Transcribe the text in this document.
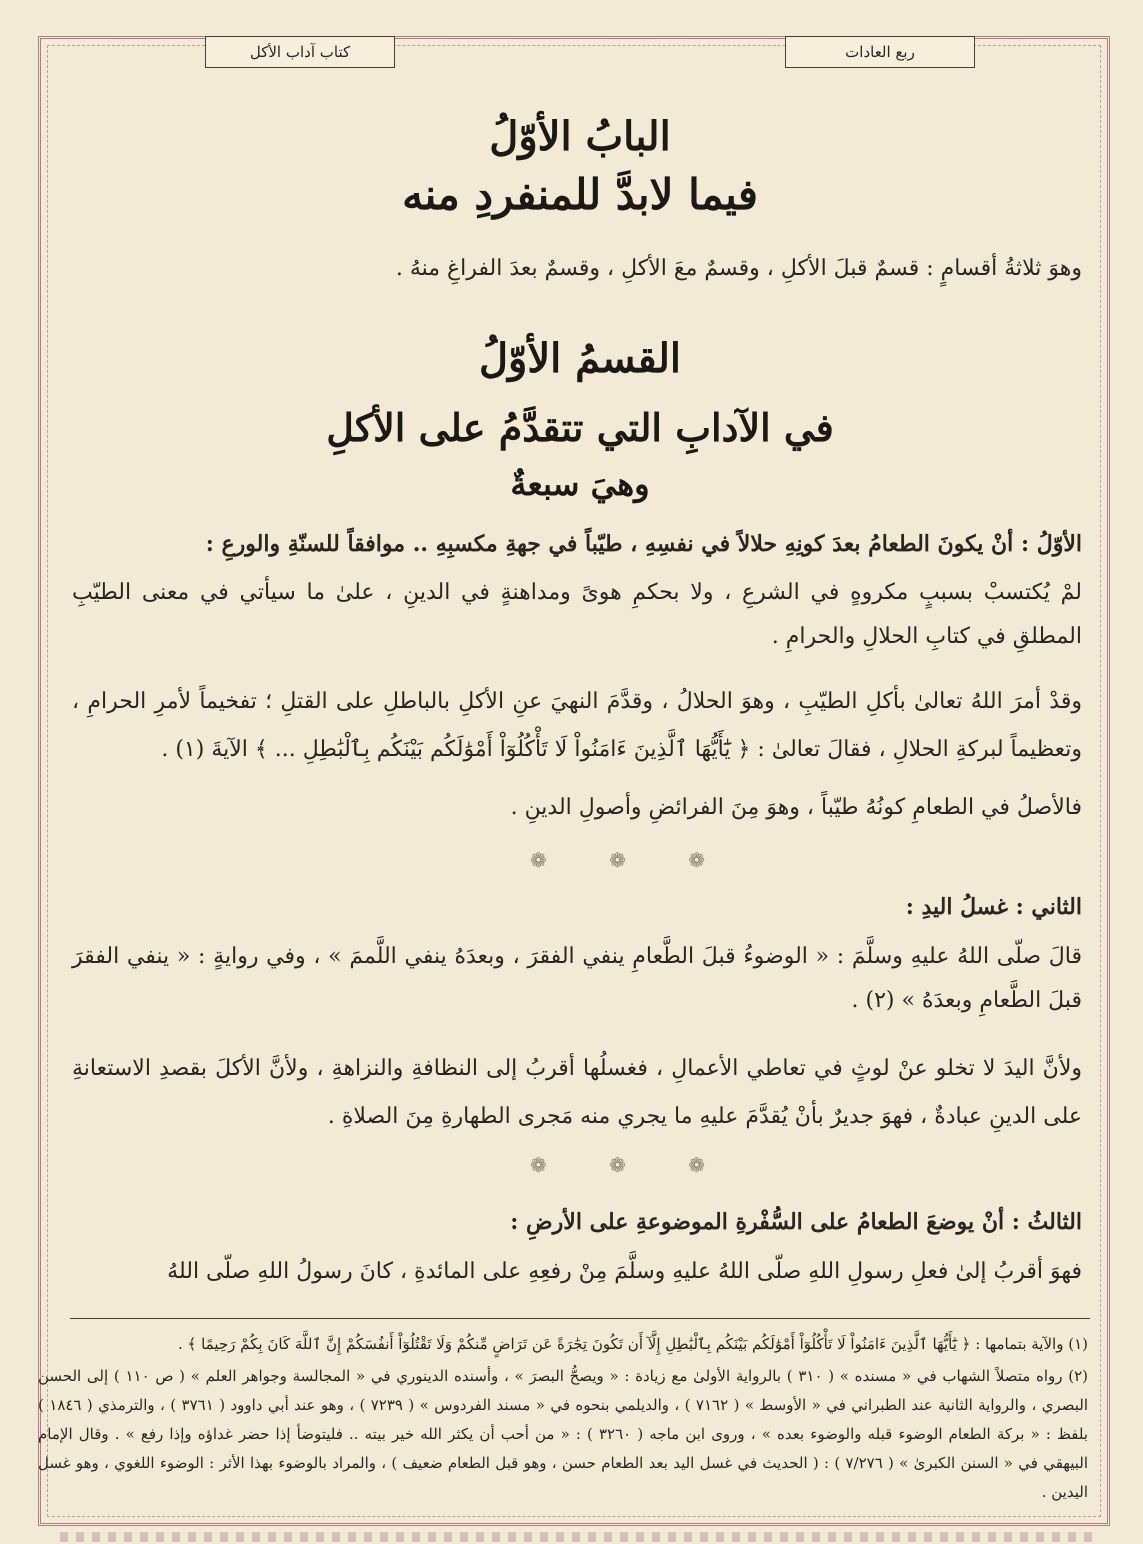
ربع العادات
كتاب آداب الأكل
البابُ الأوّلُ
فيما لابدَّ للمنفردِ منه
وهوَ ثلاثةُ أقسامٍ : قسمٌ قبلَ الأكلِ ، وقسمٌ معَ الأكلِ ، وقسمٌ بعدَ الفراغِ منهُ .
القسمُ الأوّلُ
في الآدابِ التي تتقدَّمُ على الأكلِ
وهيَ سبعةٌ
الأوّلُ : أنْ يكونَ الطعامُ بعدَ كونِهِ حلالاً في نفسِهِ ، طيّباً في جهةِ مكسبِهِ .. موافقاً للسنّةِ والورعِ :
لمْ يُكتسبْ بسببٍ مكروهٍ في الشرعِ ، ولا بحكمِ هوىً ومداهنةٍ في الدينِ ، علىٰ ما سيأتي في معنى الطيّبِ المطلقِ في كتابِ الحلالِ والحرامِ .
وقدْ أمرَ اللهُ تعالىٰ بأكلِ الطيّبِ ، وهوَ الحلالُ ، وقدَّمَ النهيَ عنِ الأكلِ بالباطلِ على القتلِ ؛ تفخيماً لأمرِ الحرامِ ، وتعظيماً لبركةِ الحلالِ ، فقالَ تعالىٰ : ﴿ يَٰٓأَيُّهَا ٱلَّذِينَ ءَامَنُواْ لَا تَأْكُلُوٓاْ أَمْوَٰلَكُم بَيْنَكُم بِٱلْبَٰطِلِ ... ﴾ الآيةَ (١) .
فالأصلُ في الطعامِ كونُهُ طيّباً ، وهوَ مِنَ الفرائضِ وأصولِ الدينِ .
❁ ❁ ❁
الثاني : غسلُ اليدِ :
قالَ صلّى اللهُ عليهِ وسلَّمَ : « الوضوءُ قبلَ الطَّعامِ ينفي الفقرَ ، وبعدَهُ ينفي اللَّممَ » ، وفي روايةٍ : « ينفي الفقرَ قبلَ الطَّعامِ وبعدَهُ » (٢) .
ولأنَّ اليدَ لا تخلو عنْ لوثٍ في تعاطي الأعمالِ ، فغسلُها أقربُ إلى النظافةِ والنزاهةِ ، ولأنَّ الأكلَ بقصدِ الاستعانةِ على الدينِ عبادةٌ ، فهوَ جديرٌ بأنْ يُقدَّمَ عليهِ ما يجري منه مَجرى الطهارةِ مِنَ الصلاةِ .
❁ ❁ ❁
الثالثُ : أنْ يوضعَ الطعامُ على السُّفْرةِ الموضوعةِ على الأرضِ :
فهوَ أقربُ إلىٰ فعلِ رسولِ اللهِ صلّى اللهُ عليهِ وسلَّمَ مِنْ رفعِهِ على المائدةِ ، كانَ رسولُ اللهِ صلّى اللهُ
(١) والآية بتمامها : ﴿ يَٰٓأَيُّهَا ٱلَّذِينَ ءَامَنُواْ لَا تَأْكُلُوٓاْ أَمْوَٰلَكُم بَيْنَكُم بِٱلْبَٰطِلِ إِلَّآ أَن تَكُونَ تِجَٰرَةً عَن تَرَاضٍ مِّنكُمْ وَلَا تَقْتُلُوٓاْ أَنفُسَكُمْ إِنَّ ٱللَّهَ كَانَ بِكُمْ رَحِيمًا ﴾ .
(٢) رواه متصلاً الشهاب في « مسنده » ( ٣١٠ ) بالرواية الأولىٰ مع زيادة : « ويصحُّ البصرَ » ، وأسنده الدينوري في « المجالسة وجواهر العلم » ( ص ١١٠ ) إلى الحسن البصري ، والرواية الثانية عند الطبراني في « الأوسط » ( ٧١٦٢ ) ، والديلمي بنحوه في « مسند الفردوس » ( ٧٢٣٩ ) ، وهو عند أبي داوود ( ٣٧٦١ ) ، والترمذي ( ١٨٤٦ ) بلفظ : « بركة الطعام الوضوء قبله والوضوء بعده » ، وروى ابن ماجه ( ٣٢٦٠ ) : « من أحب أن يكثر الله خير بيته .. فليتوضأ إذا حضر غداؤه وإذا رفع » . وقال الإمام البيهقي في « السنن الكبرىٰ » ( ٧/٢٧٦ ) : ( الحديث في غسل اليد بعد الطعام حسن ، وهو قبل الطعام ضعيف ) ، والمراد بالوضوء بهذا الأثر : الوضوء اللغوي ، وهو غسل اليدين .
